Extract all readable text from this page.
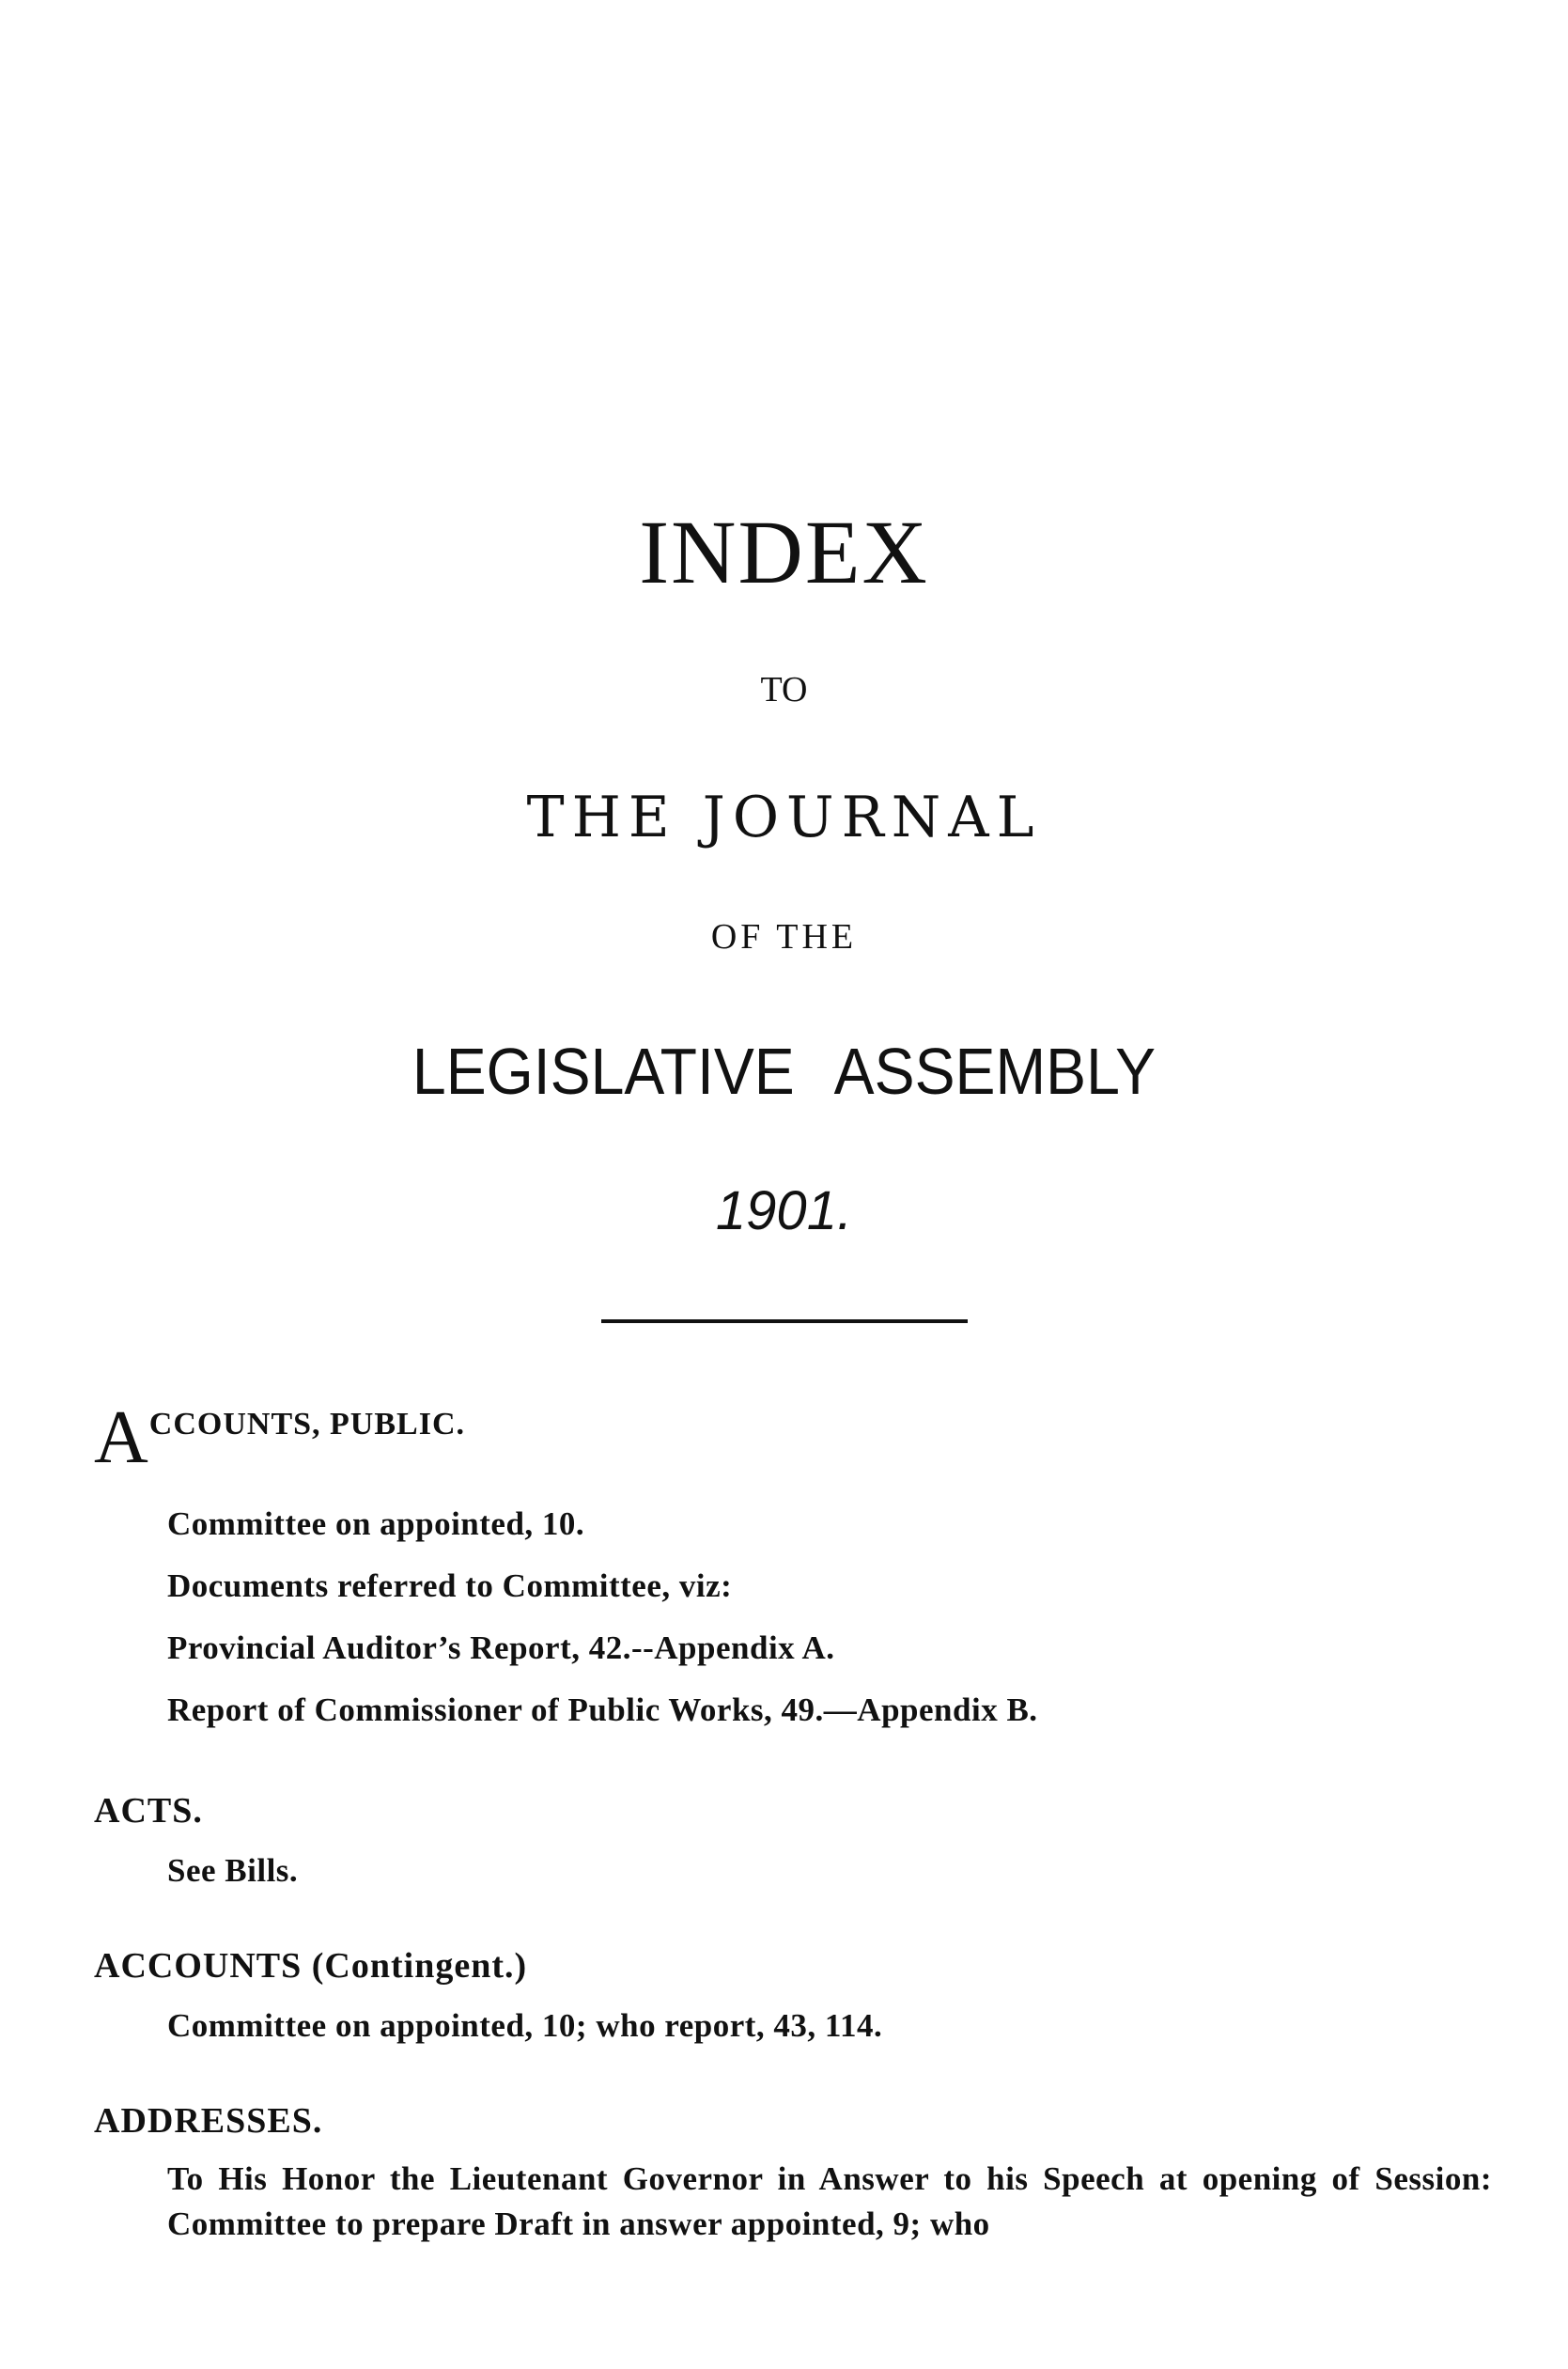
INDEX
TO
THE JOURNAL
OF THE
LEGISLATIVE ASSEMBLY
1901.
ACCOUNTS, PUBLIC.
Committee on appointed, 10.
Documents referred to Committee, viz:
Provincial Auditor’s Report, 42.--Appendix A.
Report of Commissioner of Public Works, 49.—Appendix B.
ACTS.
See Bills.
ACCOUNTS (Contingent.)
Committee on appointed, 10; who report, 43, 114.
ADDRESSES.
To His Honor the Lieutenant Governor in Answer to his Speech at opening of Session: Committee to prepare Draft in answer appointed, 9; who
